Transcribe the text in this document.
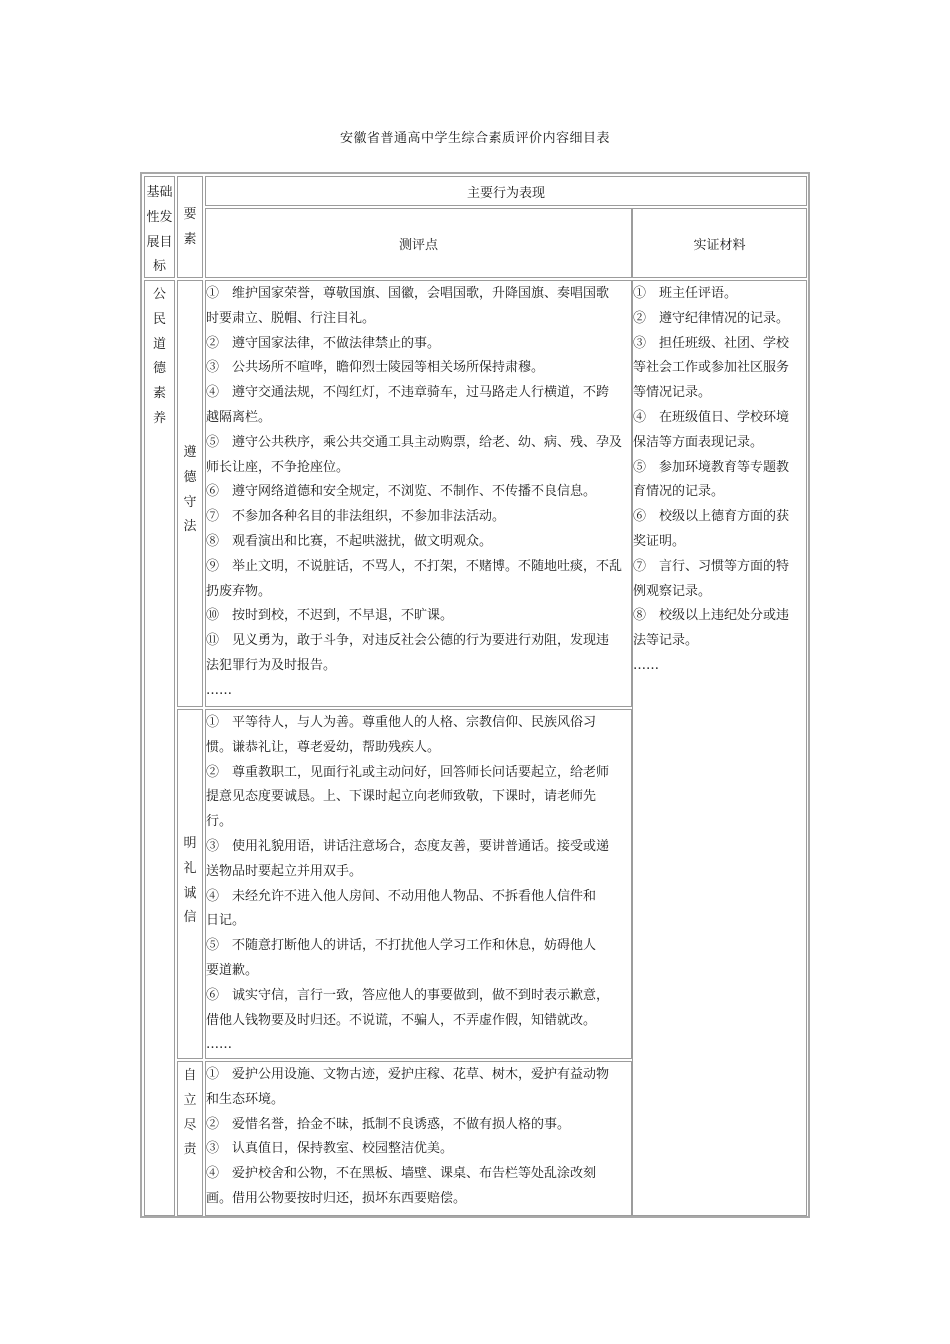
安徽省普通高中学生综合素质评价内容细目表
基础
性发
展目
标
要
素
主要行为表现
测评点	实证材料
公
民
道
德
素
养
遵
德
守
法
①　维护国家荣誉，尊敬国旗、国徽，会唱国歌，升降国旗、奏唱国歌
时要肃立、脱帽、行注目礼。
②　遵守国家法律，不做法律禁止的事。
③　公共场所不喧哗，瞻仰烈士陵园等相关场所保持肃穆。
④　遵守交通法规，不闯红灯，不违章骑车，过马路走人行横道，不跨
越隔离栏。
⑤　遵守公共秩序，乘公共交通工具主动购票，给老、幼、病、残、孕及
师长让座，不争抢座位。
⑥　遵守网络道德和安全规定，不浏览、不制作、不传播不良信息。
⑦　不参加各种名目的非法组织，不参加非法活动。
⑧　观看演出和比赛，不起哄滋扰，做文明观众。
⑨　举止文明，不说脏话，不骂人，不打架，不赌博。不随地吐痰，不乱
扔废弃物。
⑩　按时到校，不迟到，不早退，不旷课。
⑪　见义勇为，敢于斗争，对违反社会公德的行为要进行劝阻，发现违
法犯罪行为及时报告。
……
明
礼
诚
信
①　平等待人，与人为善。尊重他人的人格、宗教信仰、民族风俗习
惯。谦恭礼让，尊老爱幼，帮助残疾人。
②　尊重教职工，见面行礼或主动问好，回答师长问话要起立，给老师
提意见态度要诚恳。上、下课时起立向老师致敬，下课时，请老师先
行。
③　使用礼貌用语，讲话注意场合，态度友善，要讲普通话。接受或递
送物品时要起立并用双手。
④　未经允许不进入他人房间、不动用他人物品、不拆看他人信件和
日记。
⑤　不随意打断他人的讲话，不打扰他人学习工作和休息，妨碍他人
要道歉。
⑥　诚实守信，言行一致，答应他人的事要做到，做不到时表示歉意，
借他人钱物要及时归还。不说谎，不骗人，不弄虚作假，知错就改。
……
自
立
尽
责
①　爱护公用设施、文物古迹，爱护庄稼、花草、树木，爱护有益动物
和生态环境。
②　爱惜名誉，拾金不昧，抵制不良诱惑，不做有损人格的事。
③　认真值日，保持教室、校园整洁优美。
④　爱护校舍和公物，不在黑板、墙壁、课桌、布告栏等处乱涂改刻
画。借用公物要按时归还，损坏东西要赔偿。
①　班主任评语。
②　遵守纪律情况的记录。
③　担任班级、社团、学校
等社会工作或参加社区服务
等情况记录。
④　在班级值日、学校环境
保洁等方面表现记录。
⑤　参加环境教育等专题教
育情况的记录。
⑥　校级以上德育方面的获
奖证明。
⑦　言行、习惯等方面的特
例观察记录。
⑧　校级以上违纪处分或违
法等记录。
……
